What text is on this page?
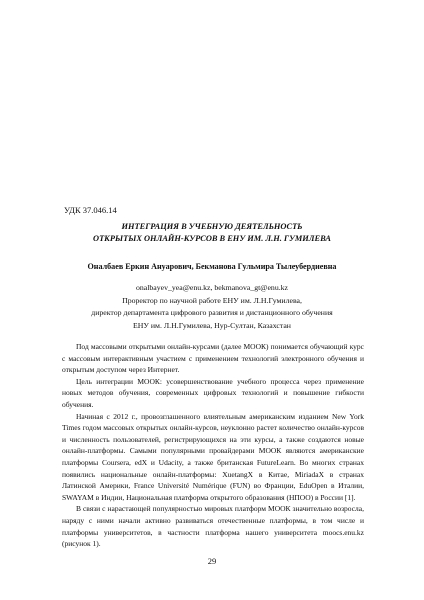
УДК 37.046.14
ИНТЕГРАЦИЯ В УЧЕБНУЮ ДЕЯТЕЛЬНОСТЬ
ОТКРЫТЫХ ОНЛАЙН-КУРСОВ В ЕНУ ИМ. Л.Н. ГУМИЛЕВА
Оналбаев Еркин Ануарович, Бекманова Гульмира Тылеубердиевна
onalbayev_yea@enu.kz, bekmanova_gt@enu.kz
Проректор по научной работе ЕНУ им. Л.Н.Гумилева,
директор департамента цифрового развития и дистанционного обучения
ЕНУ им. Л.Н.Гумилева, Нур-Султан, Казахстан

Под массовыми открытыми онлайн-курсами (далее МООК) понимается обучающий курс с массовым интерактивным участием с применением технологий электронного обучения и открытым доступом через Интернет.

Цель интеграции МООК: усовершенствование учебного процесса через применение новых методов обучения, современных цифровых технологий и повышение гибкости обучения.

Начиная с 2012 г., провозглашенного влиятельным американским изданием New York Times годом массовых открытых онлайн-курсов, неуклонно растет количество онлайн-курсов и численность пользователей, регистрирующихся на эти курсы, а также создаются новые онлайн-платформы. Самыми популярными провайдерами МООК являются американские платформы Coursera, edX и Udacity, а также британская FutureLearn. Во многих странах появились национальные онлайн-платформы: XuetangX в Китае, MiriadaX в странах Латинской Америки, France Université Numérique (FUN) во Франции, EduOpen в Италии, SWAYAM в Индии, Национальная платформа открытого образования (НПОО) в России [1].

В связи с нарастающей популярностью мировых платформ МООК значительно возросла, наряду с ними начали активно развиваться отечественные платформы, в том числе и платформы университетов, в частности платформа нашего университета moocs.enu.kz (рисунок 1).

29
